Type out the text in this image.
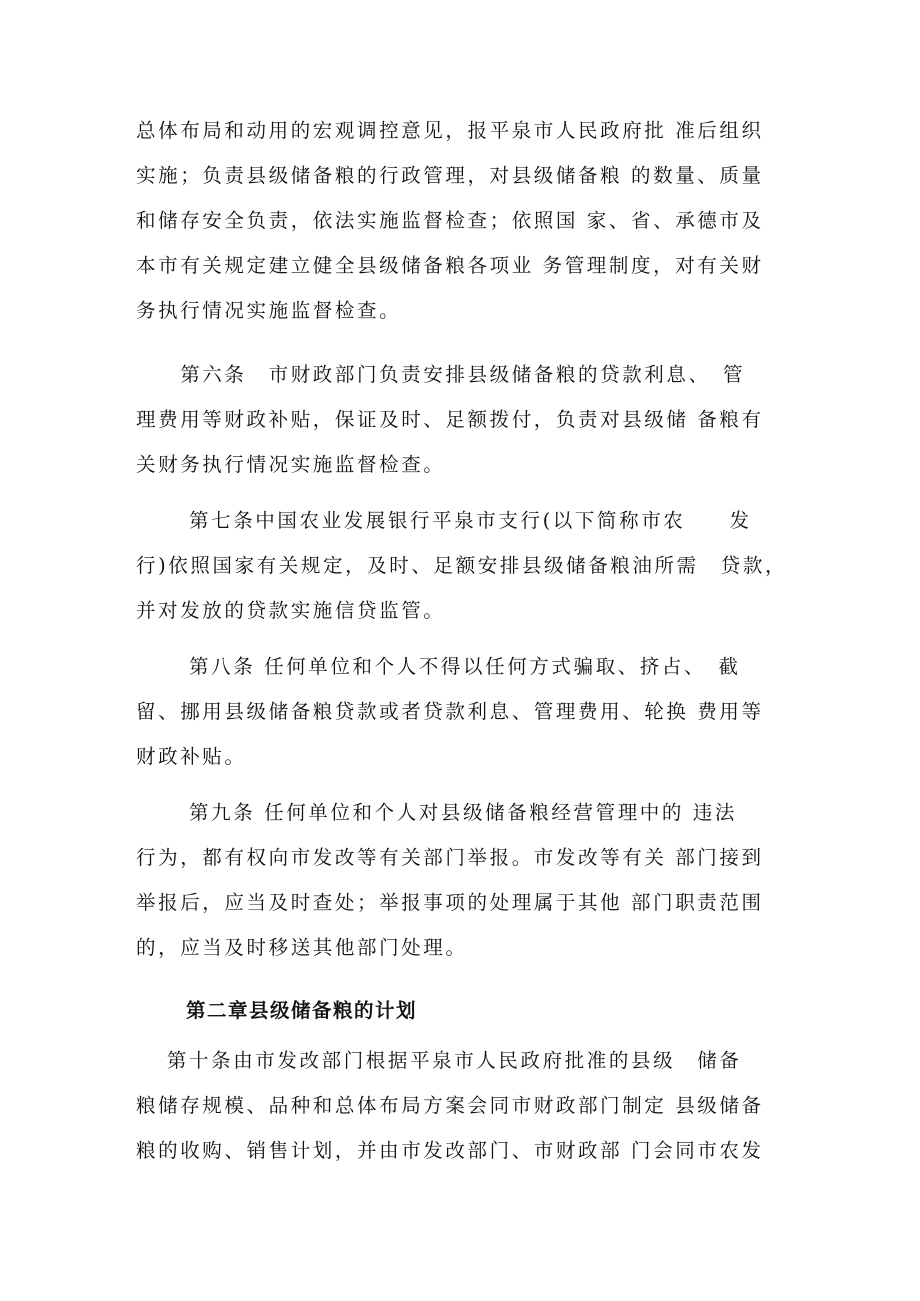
总体布局和动用的宏观调控意见，报平泉市人民政府批 准后组织
实施；负责县级储备粮的行政管理，对县级储备粮 的数量、质量
和储存安全负责，依法实施监督检查；依照国 家、省、承德市及
本市有关规定建立健全县级储备粮各项业 务管理制度，对有关财
务执行情况实施监督检查。
　　第六条　市财政部门负责安排县级储备粮的贷款利息、　管
理费用等财政补贴，保证及时、足额拨付，负责对县级储 备粮有
关财务执行情况实施监督检查。
　　 第七条中国农业发展银行平泉市支行(以下简称市农　　发
行)依照国家有关规定，及时、足额安排县级储备粮油所需　贷款，
并对发放的贷款实施信贷监管。
　　 第八条 任何单位和个人不得以任何方式骗取、挤占、　截
留、挪用县级储备粮贷款或者贷款利息、管理费用、轮换 费用等
财政补贴。
　　 第九条 任何单位和个人对县级储备粮经营管理中的 违法
行为，都有权向市发改等有关部门举报。市发改等有关 部门接到
举报后，应当及时查处；举报事项的处理属于其他 部门职责范围
的，应当及时移送其他部门处理。
第二章县级储备粮的计划
　 第十条由市发改部门根据平泉市人民政府批准的县级　储备
粮储存规模、品种和总体布局方案会同市财政部门制定 县级储备
粮的收购、销售计划，并由市发改部门、市财政部 门会同市农发
